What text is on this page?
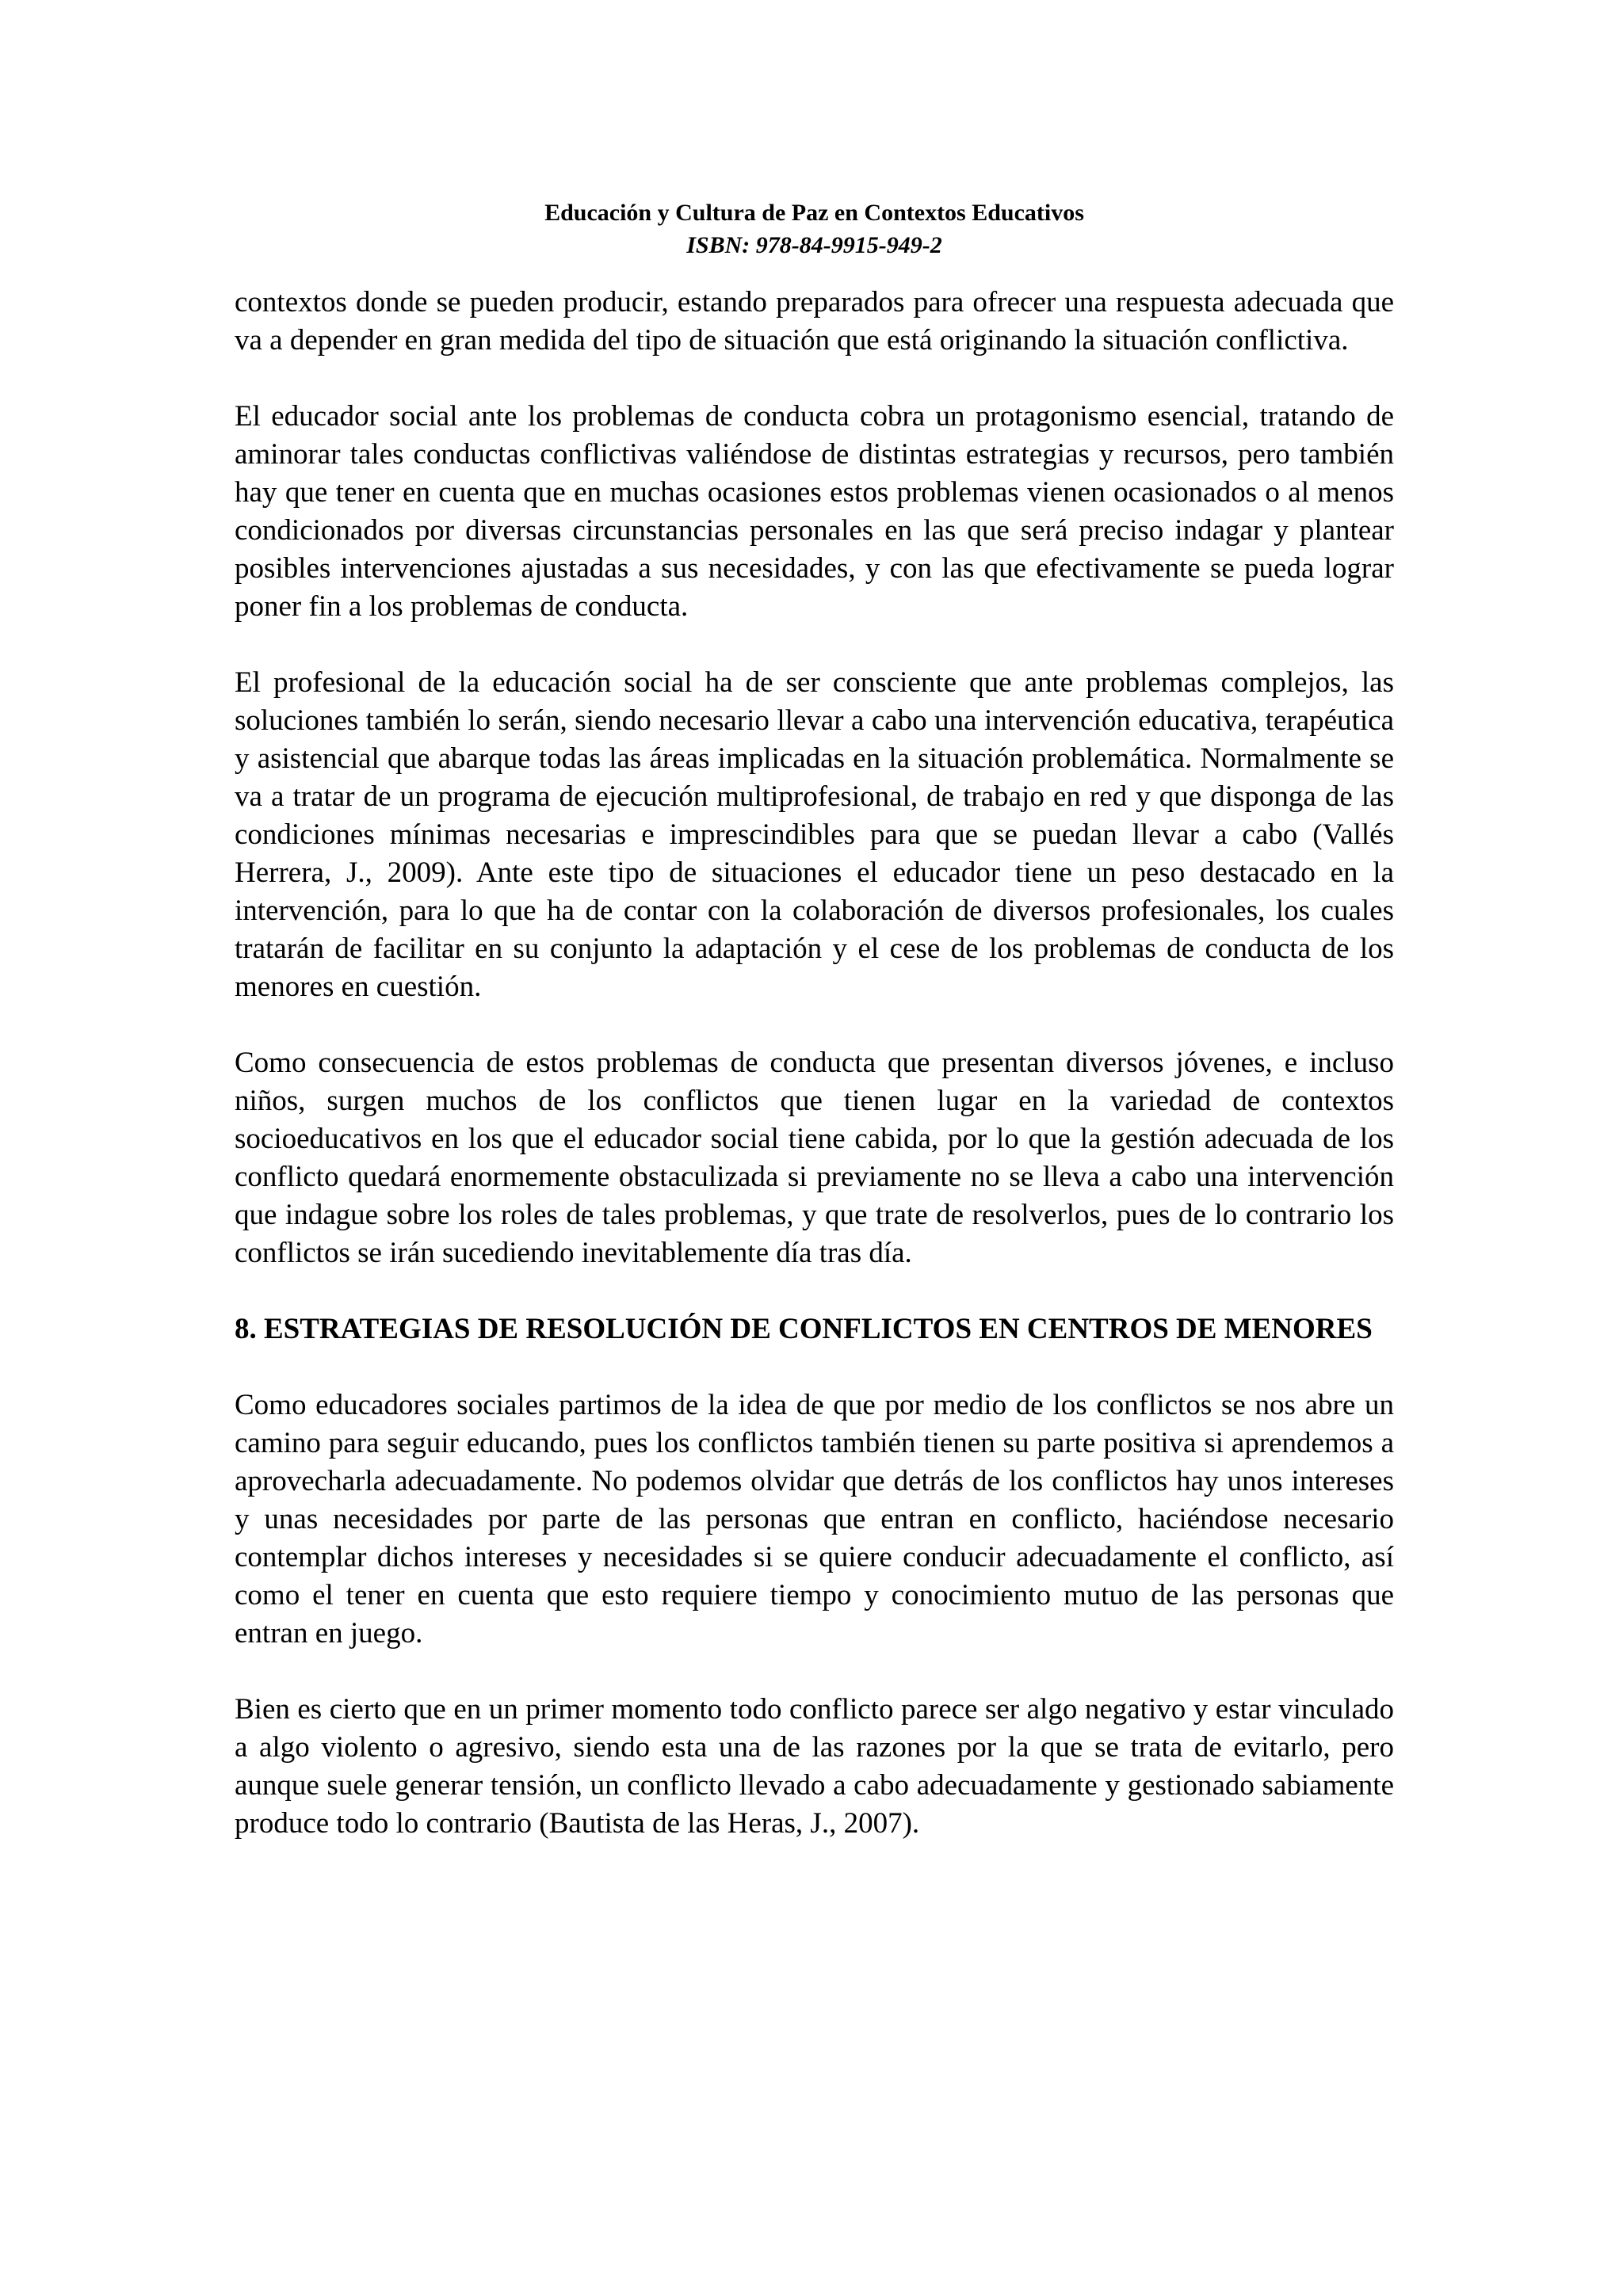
Educación y Cultura de Paz en Contextos Educativos
ISBN: 978-84-9915-949-2

contextos donde se pueden producir, estando preparados para ofrecer una respuesta adecuada que va a depender en gran medida del tipo de situación que está originando la situación conflictiva.

El educador social ante los problemas de conducta cobra un protagonismo esencial, tratando de aminorar tales conductas conflictivas valiéndose de distintas estrategias y recursos, pero también hay que tener en cuenta que en muchas ocasiones estos problemas vienen ocasionados o al menos condicionados por diversas circunstancias personales en las que será preciso indagar y plantear posibles intervenciones ajustadas a sus necesidades, y con las que efectivamente se pueda lograr poner fin a los problemas de conducta.

El profesional de la educación social ha de ser consciente que ante problemas complejos, las soluciones también lo serán, siendo necesario llevar a cabo una intervención educativa, terapéutica y asistencial que abarque todas las áreas implicadas en la situación problemática. Normalmente se va a tratar de un programa de ejecución multiprofesional, de trabajo en red y que disponga de las condiciones mínimas necesarias e imprescindibles para que se puedan llevar a cabo (Vallés Herrera, J., 2009). Ante este tipo de situaciones el educador tiene un peso destacado en la intervención, para lo que ha de contar con la colaboración de diversos profesionales, los cuales tratarán de facilitar en su conjunto la adaptación y el cese de los problemas de conducta de los menores en cuestión.

Como consecuencia de estos problemas de conducta que presentan diversos jóvenes, e incluso niños, surgen muchos de los conflictos que tienen lugar en la variedad de contextos socioeducativos en los que el educador social tiene cabida, por lo que la gestión adecuada de los conflicto quedará enormemente obstaculizada si previamente no se lleva a cabo una intervención que indague sobre los roles de tales problemas, y que trate de resolverlos, pues de lo contrario los conflictos se irán sucediendo inevitablemente día tras día.

8. ESTRATEGIAS DE RESOLUCIÓN DE CONFLICTOS EN CENTROS DE MENORES

Como educadores sociales partimos de la idea de que por medio de los conflictos se nos abre un camino para seguir educando, pues los conflictos también tienen su parte positiva si aprendemos a aprovecharla adecuadamente. No podemos olvidar que detrás de los conflictos hay unos intereses y unas necesidades por parte de las personas que entran en conflicto, haciéndose necesario contemplar dichos intereses y necesidades si se quiere conducir adecuadamente el conflicto, así como el tener en cuenta que esto requiere tiempo y conocimiento mutuo de las personas que entran en juego.

Bien es cierto que en un primer momento todo conflicto parece ser algo negativo y estar vinculado a algo violento o agresivo, siendo esta una de las razones por la que se trata de evitarlo, pero aunque suele generar tensión, un conflicto llevado a cabo adecuadamente y gestionado sabiamente produce todo lo contrario (Bautista de las Heras, J., 2007).
